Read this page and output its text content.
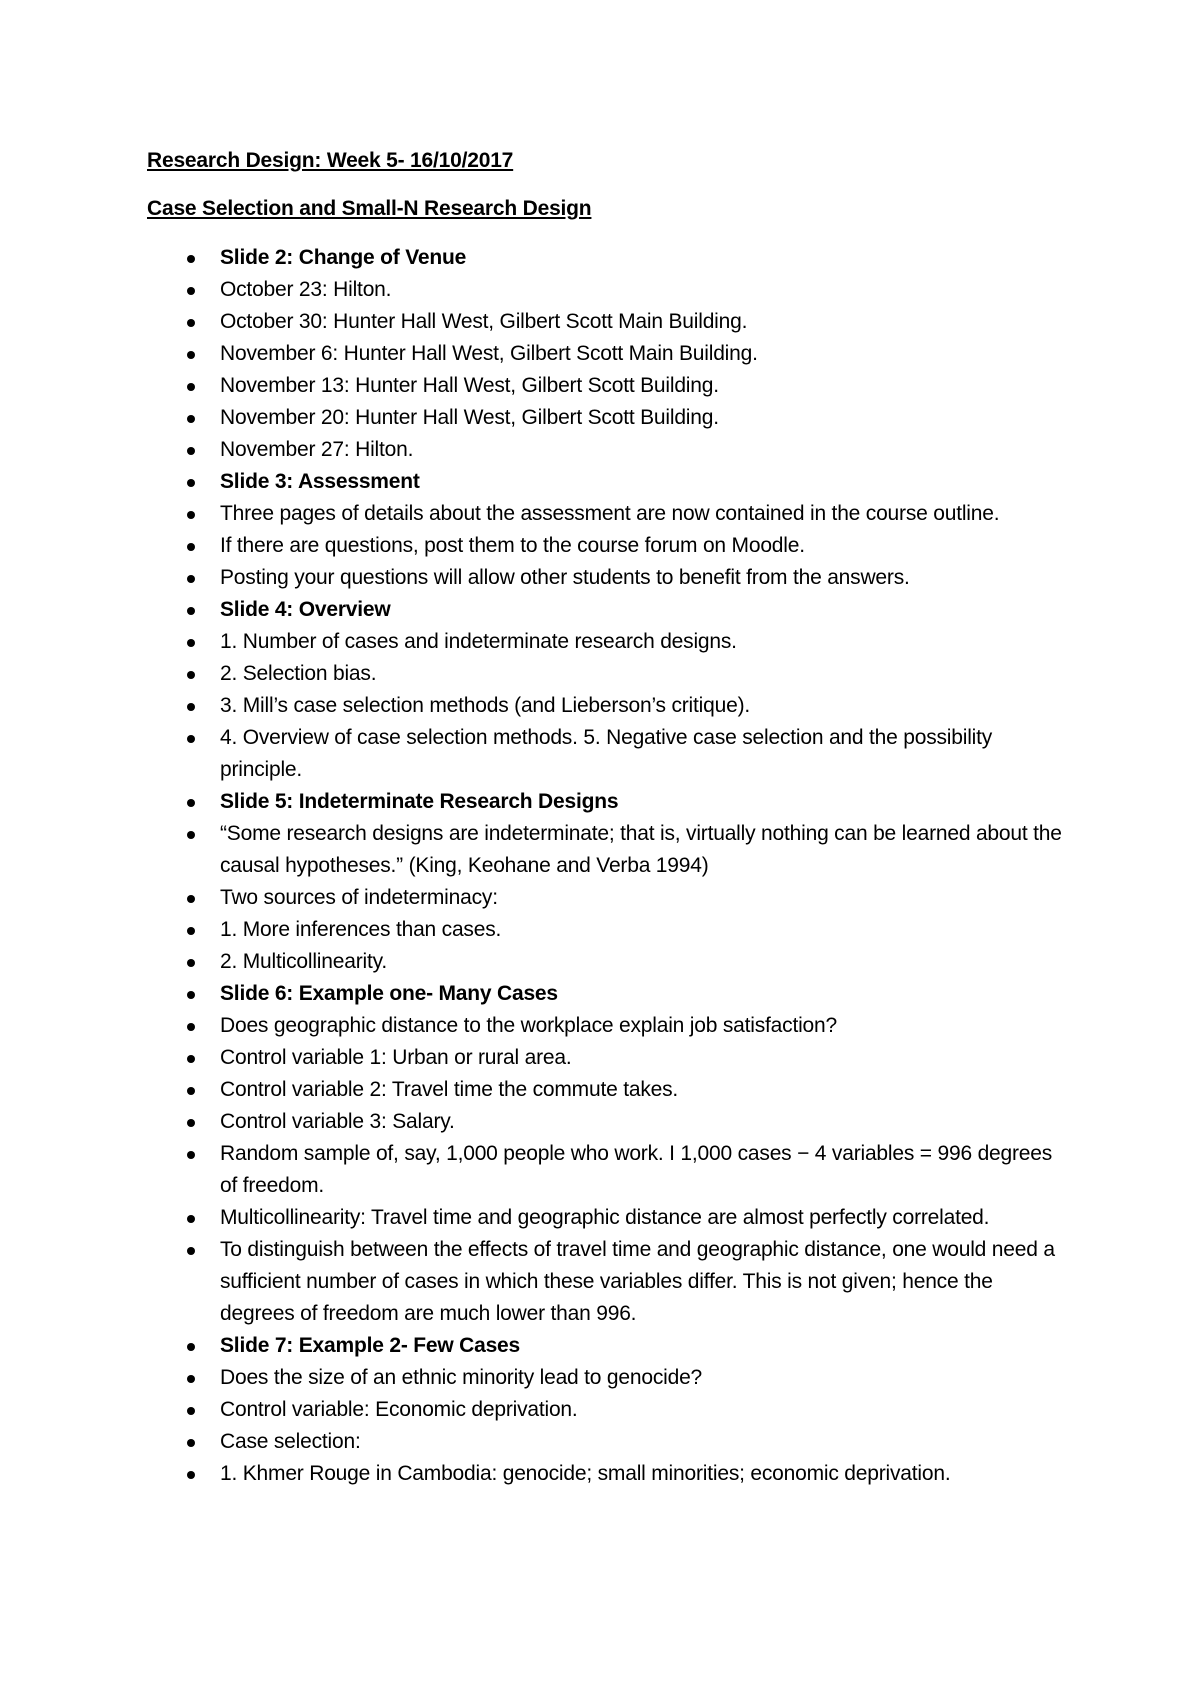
Research Design: Week 5- 16/10/2017
Case Selection and Small-N Research Design
Slide 2: Change of Venue
October 23: Hilton.
October 30: Hunter Hall West, Gilbert Scott Main Building.
November 6: Hunter Hall West, Gilbert Scott Main Building.
November 13: Hunter Hall West, Gilbert Scott Building.
November 20: Hunter Hall West, Gilbert Scott Building.
November 27: Hilton.
Slide 3: Assessment
Three pages of details about the assessment are now contained in the course outline.
If there are questions, post them to the course forum on Moodle.
Posting your questions will allow other students to benefit from the answers.
Slide 4: Overview
1. Number of cases and indeterminate research designs.
2. Selection bias.
3. Mill’s case selection methods (and Lieberson’s critique).
4. Overview of case selection methods. 5. Negative case selection and the possibility principle.
Slide 5: Indeterminate Research Designs
“Some research designs are indeterminate; that is, virtually nothing can be learned about the causal hypotheses.” (King, Keohane and Verba 1994)
Two sources of indeterminacy:
1. More inferences than cases.
2. Multicollinearity.
Slide 6: Example one- Many Cases
Does geographic distance to the workplace explain job satisfaction?
Control variable 1: Urban or rural area.
Control variable 2: Travel time the commute takes.
Control variable 3: Salary.
Random sample of, say, 1,000 people who work. I 1,000 cases − 4 variables = 996 degrees of freedom.
Multicollinearity: Travel time and geographic distance are almost perfectly correlated.
To distinguish between the effects of travel time and geographic distance, one would need a sufficient number of cases in which these variables differ. This is not given; hence the degrees of freedom are much lower than 996.
Slide 7: Example 2- Few Cases
Does the size of an ethnic minority lead to genocide?
Control variable: Economic deprivation.
Case selection:
1. Khmer Rouge in Cambodia: genocide; small minorities; economic deprivation.
